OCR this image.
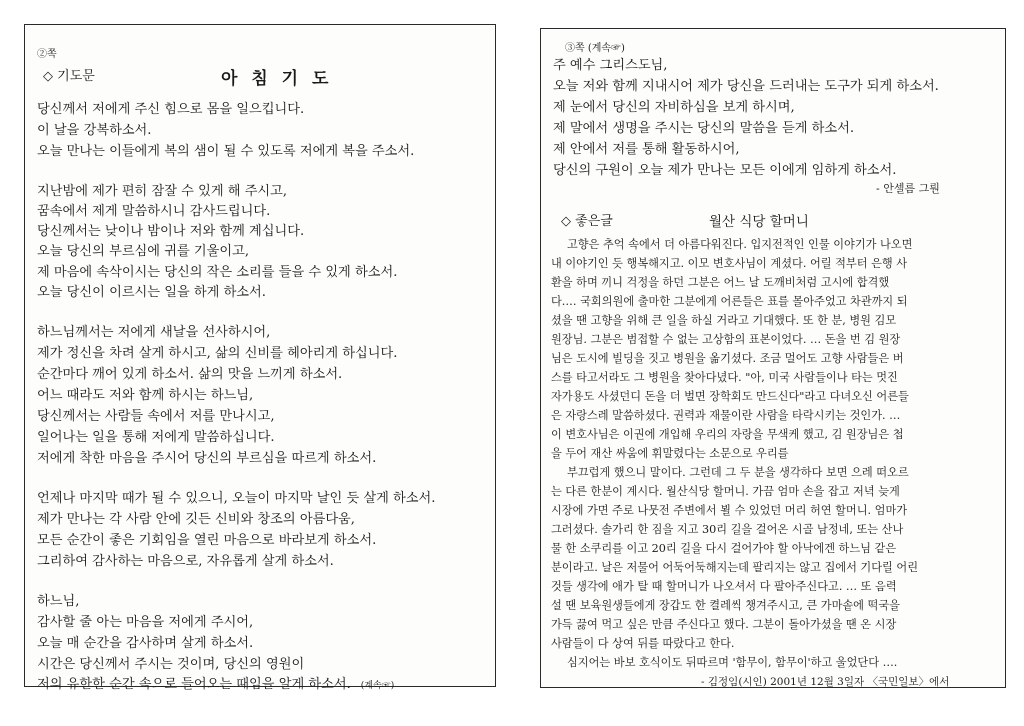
②쪽
◇ 기도문	아 침 기 도
당신께서 저에게 주신 힘으로 몸을 일으킵니다.
이 날을 강복하소서.
오늘 만나는 이들에게 복의 샘이 될 수 있도록 저에게 복을 주소서.
지난밤에 제가 편히 잠잘 수 있게 해 주시고,
꿈속에서 제게 말씀하시니 감사드립니다.
당신께서는 낮이나 밤이나 저와 함께 계십니다.
오늘 당신의 부르심에 귀를 기울이고,
제 마음에 속삭이시는 당신의 작은 소리를 들을 수 있게 하소서.
오늘 당신이 이르시는 일을 하게 하소서.
하느님께서는 저에게 새날을 선사하시어,
제가 정신을 차려 살게 하시고, 삶의 신비를 헤아리게 하십니다.
순간마다 깨어 있게 하소서. 삶의 맛을 느끼게 하소서.
어느 때라도 저와 함께 하시는 하느님,
당신께서는 사람들 속에서 저를 만나시고,
일어나는 일을 통해 저에게 말씀하십니다.
저에게 착한 마음을 주시어 당신의 부르심을 따르게 하소서.
언제나 마지막 때가 될 수 있으니, 오늘이 마지막 날인 듯 살게 하소서.
제가 만나는 각 사람 안에 깃든 신비와 창조의 아름다움,
모든 순간이 좋은 기회임을 열린 마음으로 바라보게 하소서.
그리하여 감사하는 마음으로, 자유롭게 살게 하소서.
하느님,
감사할 줄 아는 마음을 저에게 주시어,
오늘 매 순간을 감사하며 살게 하소서.
시간은 당신께서 주시는 것이며, 당신의 영원이
저의 유한한 순간 속으로 들어오는 때임을 알게 하소서. (계속☞)
③쪽 (계속☞)
주 예수 그리스도님,
오늘 저와 함께 지내시어 제가 당신을 드러내는 도구가 되게 하소서.
제 눈에서 당신의 자비하심을 보게 하시며,
제 말에서 생명을 주시는 당신의 말씀을 듣게 하소서.
제 안에서 저를 통해 활동하시어,
당신의 구원이 오늘 제가 만나는 모든 이에게 임하게 하소서.
- 안셀름 그뤈
◇ 좋은글	월산 식당 할머니
고향은 추억 속에서 더 아름다워진다. 입지전적인 인물 이야기가 나오면
내 이야기인 듯 행복해지고. 이모 변호사님이 계셨다. 어릴 적부터 은행 사
환을 하며 끼니 걱정을 하던 그분은 어느 날 도깨비처럼 고시에 합격했
다.… 국회의원에 출마한 그분에게 어른들은 표를 몰아주었고 차관까지 되
셨을 땐 고향을 위해 큰 일을 하실 거라고 기대했다. 또 한 분, 병원 김모
원장님. 그분은 범접할 수 없는 고상함의 표본이었다. … 돈을 번 김 원장
님은 도시에 빌딩을 짓고 병원을 옮기셨다. 조금 멀어도 고향 사람들은 버
스를 타고서라도 그 병원을 찾아다녔다. "아, 미국 사람들이나 타는 멋진
자가용도 사셨던디 돈을 더 벌면 장학회도 만드신다"라고 다녀오신 어른들
은 자랑스레 말씀하셨다. 권력과 재물이란 사람을 타락시키는 것인가. …
이 변호사님은 이권에 개입해 우리의 자랑을 무색케 했고, 김 원장님은 첩
을 두어 재산 싸움에 휘말렸다는 소문으로 우리를
부끄럽게 했으니 말이다. 그런데 그 두 분을 생각하다 보면 으레 떠오르
는 다른 한분이 계시다. 월산식당 할머니. 가끔 엄마 손을 잡고 저녁 늦게
시장에 가면 주로 나뭇전 주변에서 뵐 수 있었던 머리 허연 할머니. 엄마가
그러셨다. 솔가리 한 짐을 지고 30리 길을 걸어온 시골 남정네, 또는 산나
물 한 소쿠리를 이고 20리 길을 다시 걸어가야 할 아낙에겐 하느님 같은
분이라고. 날은 저물어 어둑어둑해지는데 팔리지는 않고 집에서 기다릴 어린
것들 생각에 애가 탈 때 할머니가 나오셔서 다 팔아주신다고. … 또 음력
설 땐 보육원생들에게 장갑도 한 켤레씩 챙겨주시고, 큰 가마솥에 떡국을
가득 끓여 먹고 싶은 만큼 주신다고 했다. 그분이 돌아가셨을 땐 온 시장
사람들이 다 상여 뒤를 따랐다고 한다.
심지어는 바보 호식이도 뒤따르며 '함무이, 함무이'하고 울었단다 ….
- 김정임(시인) 2001년 12월 3일자 〈국민일보〉에서
